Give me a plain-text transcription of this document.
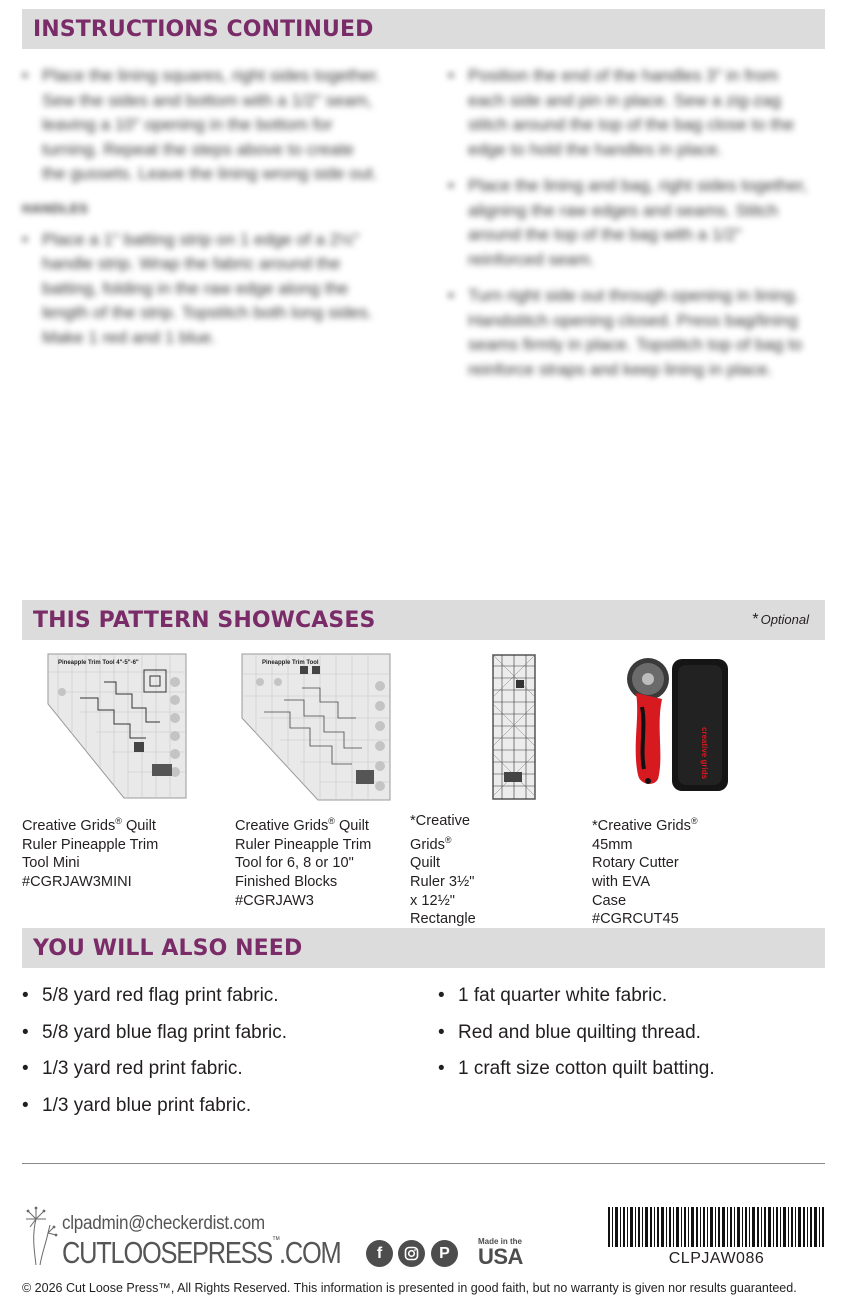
INSTRUCTIONS CONTINUED
• Place the lining squares, right sides together. Sew the sides and bottom with a 1/2" seam, leaving a 10" opening in the bottom for turning. Repeat the steps above to create the gussets. Leave the lining wrong side out.
HANDLES
• Place a 1" batting strip on 1 edge of a 2½" handle strip. Wrap the fabric around the batting, folding in the raw edge along the length of the strip. Topstitch both long sides. Make 1 red and 1 blue.
• Position the end of the handles 3" in from each side and pin in place. Sew a zig-zag stitch around the top of the bag close to the edge to hold the handles in place.
• Place the lining and bag, right sides together, aligning the raw edges and seams. Stitch around the top of the bag with a 1/2" reinforced seam.
• Turn right side out through opening in lining. Handstitch opening closed. Press bag/lining seams firmly in place. Topstitch top of bag to reinforce straps and keep lining in place.
THIS PATTERN SHOWCASES	* Optional
Pineapple Trim Tool 4"-5"-6"
Creative Grids® Quilt
Ruler Pineapple Trim
Tool Mini #CGRJAW3MINI
Pineapple Trim Tool
Creative Grids® Quilt
Ruler Pineapple Trim
Tool for 6, 8 or 10"
Finished Blocks
#CGRJAW3
*Creative Grids® Quilt
Ruler 3½" x 12½"
Rectangle
creative grids
*Creative Grids® 45mm
Rotary Cutter with EVA
Case #CGRCUT45
YOU WILL ALSO NEED
• 5/8 yard red flag print fabric.
• 5/8 yard blue flag print fabric.
• 1/3 yard red print fabric.
• 1/3 yard blue print fabric.
• 1 fat quarter white fabric.
• Red and blue quilting thread.
• 1 craft size cotton quilt batting.
clpadmin@checkerdist.com
CUTLOOSEPRESS™.COM	f	P
Made in the
USA	CLPJAW086
© 2026 Cut Loose Press™, All Rights Reserved. This information is presented in good faith, but no warranty is given nor results guaranteed.
